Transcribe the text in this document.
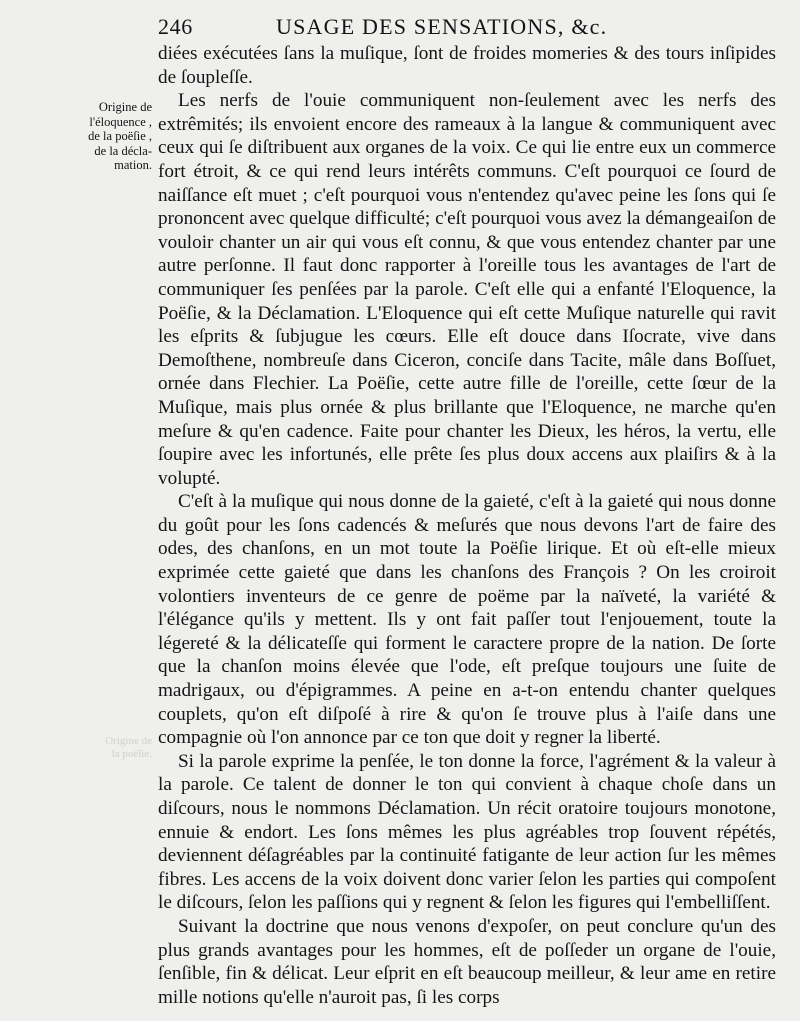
246	USAGE DES SENSATIONS, &c.
Origine de
l'éloquence ,
de la poëſie ,
de la décla-
mation.
Origine de
la poëſie.

diées exécutées ſans la muſique, ſont de froides momeries & des tours inſipides de ſoupleſſe.

Les nerfs de l'ouie communiquent non-ſeulement avec les nerfs des extrêmités; ils envoient encore des rameaux à la langue & communiquent avec ceux qui ſe diſtribuent aux organes de la voix. Ce qui lie entre eux un commerce fort étroit, & ce qui rend leurs intérêts communs. C'eſt pourquoi ce ſourd de naiſſance eſt muet ; c'eſt pourquoi vous n'entendez qu'avec peine les ſons qui ſe prononcent avec quelque difficulté; c'eſt pourquoi vous avez la démangeaiſon de vouloir chanter un air qui vous eſt connu, & que vous entendez chanter par une autre perſonne. Il faut donc rapporter à l'oreille tous les avantages de l'art de communiquer ſes penſées par la parole. C'eſt elle qui a enfanté l'Eloquence, la Poëſie, & la Déclamation. L'Eloquence qui eſt cette Muſique naturelle qui ravit les eſprits & ſubjugue les cœurs. Elle eſt douce dans Iſocrate, vive dans Demoſthene, nombreuſe dans Ciceron, conciſe dans Tacite, mâle dans Boſſuet, ornée dans Flechier. La Poëſie, cette autre fille de l'oreille, cette ſœur de la Muſique, mais plus ornée & plus brillante que l'Eloquence, ne marche qu'en meſure & qu'en cadence. Faite pour chanter les Dieux, les héros, la vertu, elle ſoupire avec les infortunés, elle prête ſes plus doux accens aux plaiſirs & à la volupté.

C'eſt à la muſique qui nous donne de la gaieté, c'eſt à la gaieté qui nous donne du goût pour les ſons cadencés & meſurés que nous devons l'art de faire des odes, des chanſons, en un mot toute la Poëſie lirique. Et où eſt-elle mieux exprimée cette gaieté que dans les chanſons des François ? On les croiroit volontiers inventeurs de ce genre de poëme par la naïveté, la variété & l'élégance qu'ils y mettent. Ils y ont fait paſſer tout l'enjouement, toute la légereté & la délicateſſe qui forment le caractere propre de la nation. De ſorte que la chanſon moins élevée que l'ode, eſt preſque toujours une ſuite de madrigaux, ou d'épigrammes. A peine en a-t-on entendu chanter quelques couplets, qu'on eſt diſpoſé à rire & qu'on ſe trouve plus à l'aiſe dans une compagnie où l'on annonce par ce ton que doit y regner la liberté.

Si la parole exprime la penſée, le ton donne la force, l'agrément & la valeur à la parole. Ce talent de donner le ton qui convient à chaque choſe dans un diſcours, nous le nommons Déclamation. Un récit oratoire toujours monotone, ennuie & endort. Les ſons mêmes les plus agréables trop ſouvent répétés, deviennent déſagréables par la continuité fatigante de leur action ſur les mêmes fibres. Les accens de la voix doivent donc varier ſelon les parties qui compoſent le diſcours, ſelon les paſſions qui y regnent & ſelon les figures qui l'embelliſſent.

Suivant la doctrine que nous venons d'expoſer, on peut conclure qu'un des plus grands avantages pour les hommes, eſt de poſſeder un organe de l'ouie, ſenſible, fin & délicat. Leur eſprit en eſt beaucoup meilleur, & leur ame en retire mille notions qu'elle n'auroit pas, ſi les corps
